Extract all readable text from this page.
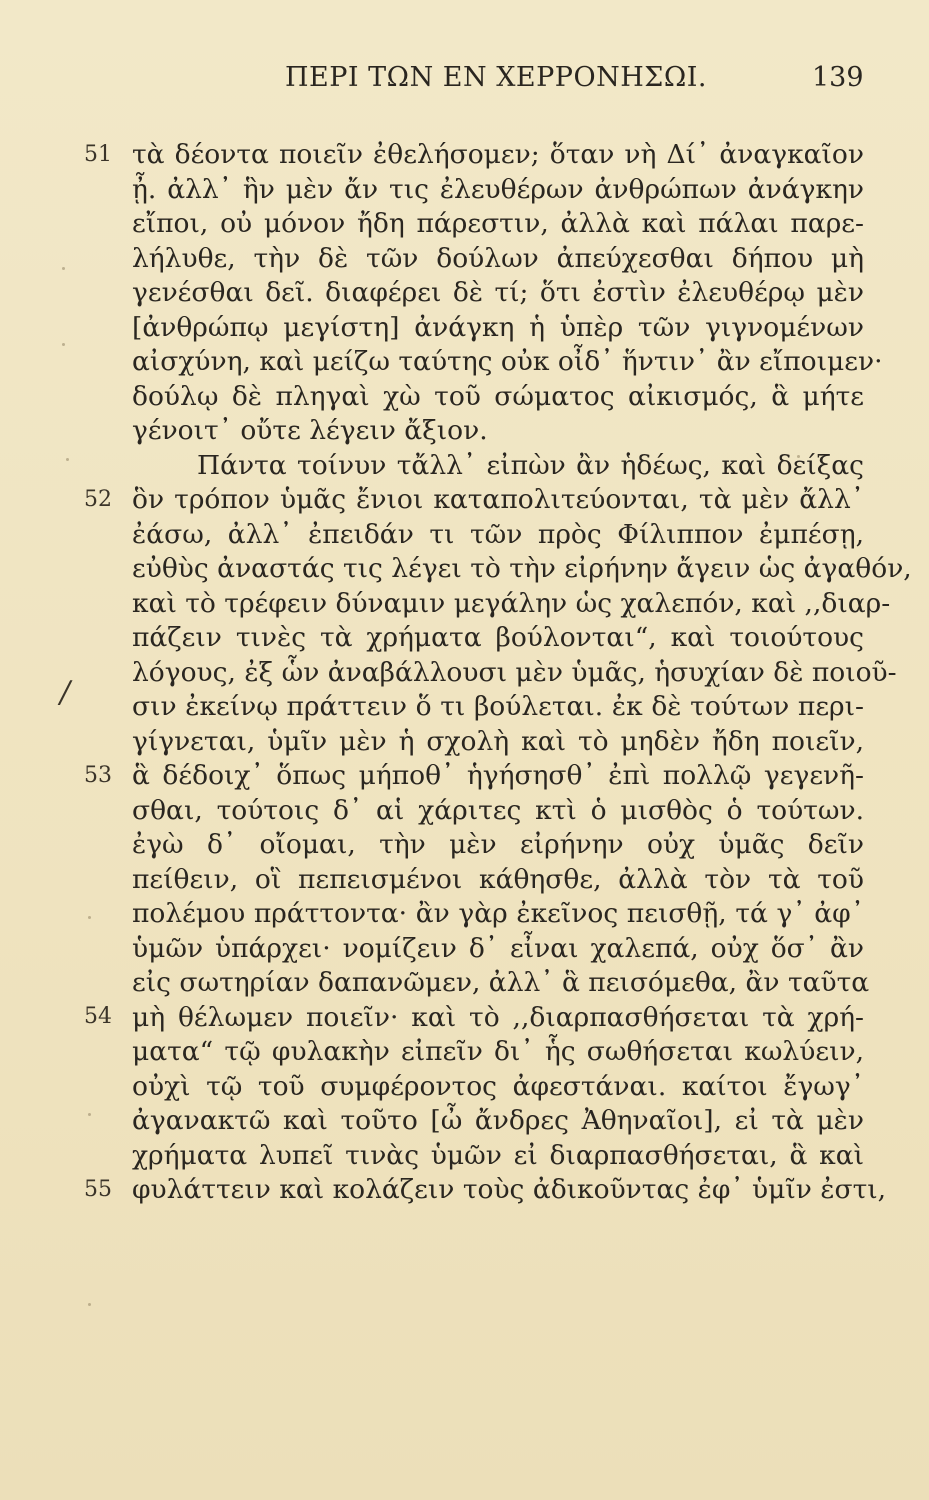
ΠΕΡΙ ΤΩΝ ΕΝ ΧΕΡΡΟΝΗΣΩΙ.	139
51
52
/
53
54
55
τὰ δέοντα ποιεῖν ἐθελήσομεν; ὅταν νὴ Δί᾿ ἀναγκαῖον
ᾖ. ἀλλ᾿ ἣν μὲν ἄν τις ἐλευθέρων ἀνθρώπων ἀνάγκην
εἴποι, οὐ μόνον ἤδη πάρεστιν, ἀλλὰ καὶ πάλαι παρε-
λήλυθε, τὴν δὲ τῶν δούλων ἀπεύχεσθαι δήπου μὴ
γενέσθαι δεῖ. διαφέρει δὲ τί; ὅτι ἐστὶν ἐλευθέρῳ μὲν
[ἀνθρώπῳ μεγίστη] ἀνάγκη ἡ ὑπὲρ τῶν γιγνομένων
αἰσχύνη, καὶ μείζω ταύτης οὐκ οἶδ᾿ ἥντιν᾿ ἂν εἴποιμεν·
δούλῳ δὲ πληγαὶ χὼ τοῦ σώματος αἰκισμός, ἃ μήτε
γένοιτ᾿ οὔτε λέγειν ἄξιον.
Πάντα τοίνυν τἄλλ᾿ εἰπὼν ἂν ἡδέως, καὶ δείξας
ὃν τρόπον ὑμᾶς ἔνιοι καταπολιτεύονται, τὰ μὲν ἄλλ᾿
ἐάσω, ἀλλ᾿ ἐπειδάν τι τῶν πρὸς Φίλιππον ἐμπέσῃ,
εὐθὺς ἀναστάς τις λέγει τὸ τὴν εἰρήνην ἄγειν ὡς ἀγαθόν,
καὶ τὸ τρέφειν δύναμιν μεγάλην ὡς χαλεπόν, καὶ ,,διαρ-
πάζειν τινὲς τὰ χρήματα βούλονται“, καὶ τοιούτους
λόγους, ἐξ ὧν ἀναβάλλουσι μὲν ὑμᾶς, ἡσυχίαν δὲ ποιοῦ-
σιν ἐκείνῳ πράττειν ὅ τι βούλεται. ἐκ δὲ τούτων περι-
γίγνεται, ὑμῖν μὲν ἡ σχολὴ καὶ τὸ μηδὲν ἤδη ποιεῖν,
ἃ δέδοιχ᾿ ὅπως μήποθ᾿ ἡγήσησθ᾿ ἐπὶ πολλῷ γεγενῆ-
σθαι, τούτοις δ᾿ αἱ χάριτες κτὶ ὁ μισθὸς ὁ τούτων.
ἐγὼ δ᾿ οἴομαι, τὴν μὲν εἰρήνην οὐχ ὑμᾶς δεῖν
πείθειν, οἳ πεπεισμένοι κάθησθε, ἀλλὰ τὸν τὰ τοῦ
πολέμου πράττοντα· ἂν γὰρ ἐκεῖνος πεισθῇ, τά γ᾿ ἀφ᾿
ὑμῶν ὑπάρχει· νομίζειν δ᾿ εἶναι χαλεπά, οὐχ ὅσ᾿ ἂν
εἰς σωτηρίαν δαπανῶμεν, ἀλλ᾿ ἃ πεισόμεθα, ἂν ταῦτα
μὴ θέλωμεν ποιεῖν· καὶ τὸ ,,διαρπασθήσεται τὰ χρή-
ματα“ τῷ φυλακὴν εἰπεῖν δι᾿ ἧς σωθήσεται κωλύειν,
οὐχὶ τῷ τοῦ συμφέροντος ἀφεστάναι. καίτοι ἔγωγ᾿
ἀγανακτῶ καὶ τοῦτο [ὦ ἄνδρες Ἀθηναῖοι], εἰ τὰ μὲν
χρήματα λυπεῖ τινὰς ὑμῶν εἰ διαρπασθήσεται, ἃ καὶ
φυλάττειν καὶ κολάζειν τοὺς ἀδικοῦντας ἐφ᾿ ὑμῖν ἐστι,
